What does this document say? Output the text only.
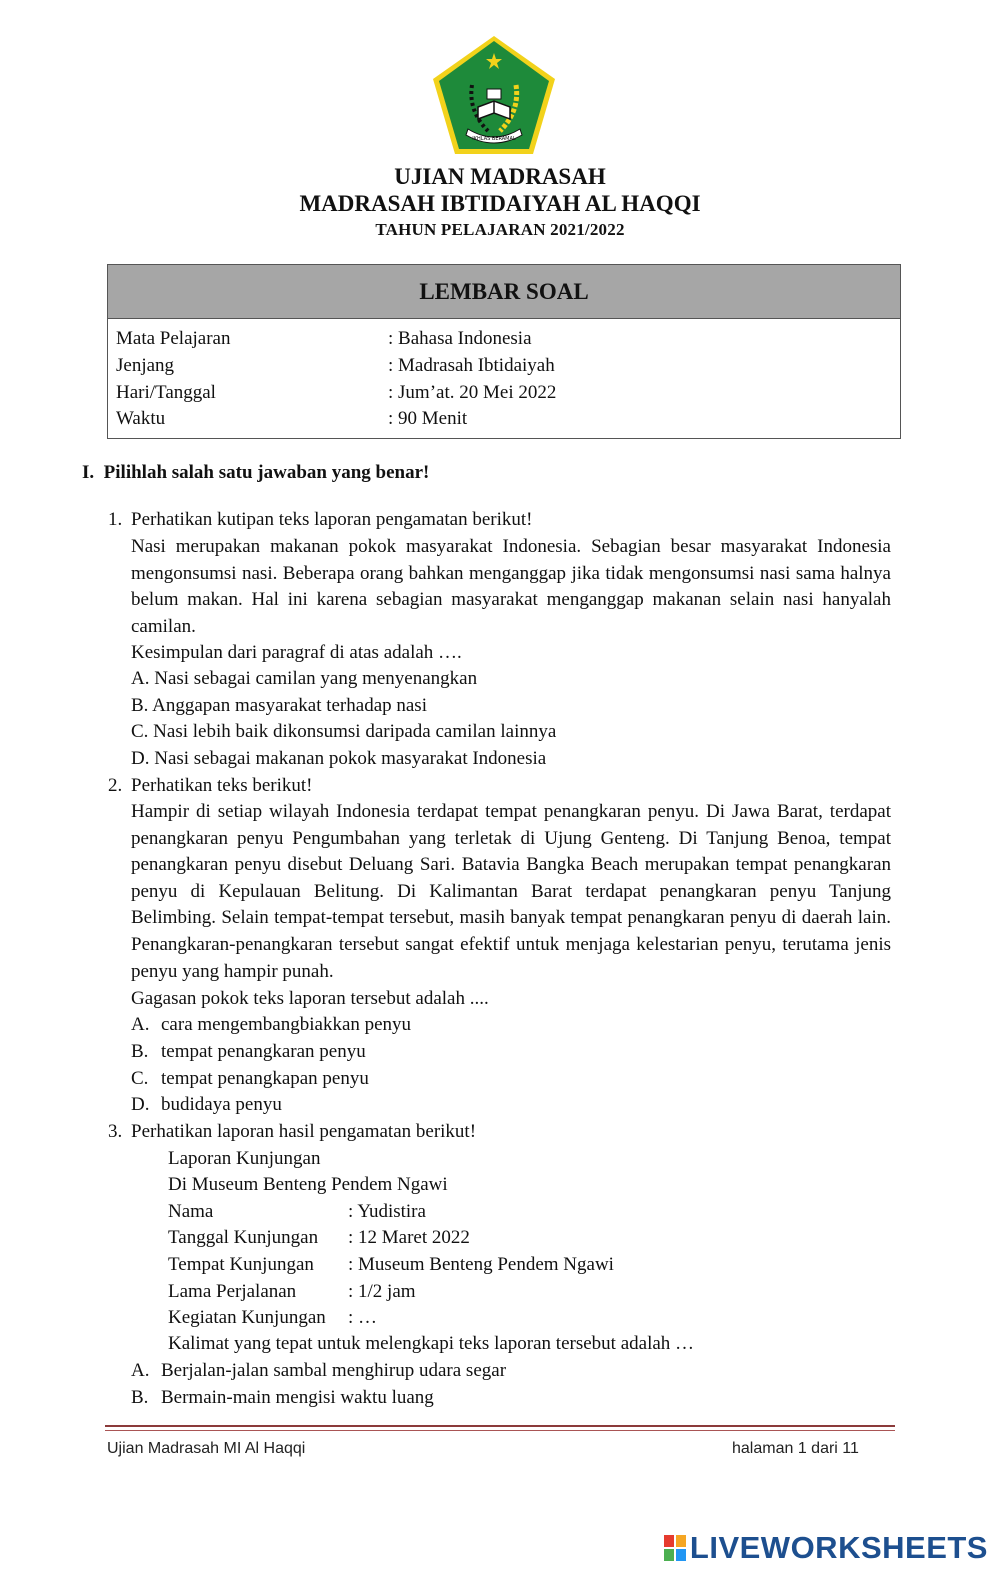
IKHLAS BERAMAL
UJIAN MADRASAH
MADRASAH IBTIDAIYAH AL HAQQI
TAHUN PELAJARAN 2021/2022
LEMBAR SOAL
Mata Pelajaran	: Bahasa Indonesia
Jenjang	: Madrasah Ibtidaiyah
Hari/Tanggal	: Jum’at. 20 Mei 2022
Waktu	: 90 Menit
I. Pilihlah salah satu jawaban yang benar!
1. Perhatikan kutipan teks laporan pengamatan berikut!
Nasi merupakan makanan pokok masyarakat Indonesia. Sebagian besar masyarakat Indonesia mengonsumsi nasi. Beberapa orang bahkan menganggap jika tidak mengonsumsi nasi sama halnya belum makan. Hal ini karena sebagian masyarakat menganggap makanan selain nasi hanyalah camilan.
Kesimpulan dari paragraf di atas adalah ….
A. Nasi sebagai camilan yang menyenangkan
B. Anggapan masyarakat terhadap nasi
C. Nasi lebih baik dikonsumsi daripada camilan lainnya
D. Nasi sebagai makanan pokok masyarakat Indonesia
2. Perhatikan teks berikut!
Hampir di setiap wilayah Indonesia terdapat tempat penangkaran penyu. Di Jawa Barat, terdapat penangkaran penyu Pengumbahan yang terletak di Ujung Genteng. Di Tanjung Benoa, tempat penangkaran penyu disebut Deluang Sari. Batavia Bangka Beach merupakan tempat penangkaran penyu di Kepulauan Belitung. Di Kalimantan Barat terdapat penangkaran penyu Tanjung Belimbing. Selain tempat-tempat tersebut, masih banyak tempat penangkaran penyu di daerah lain. Penangkaran-penangkaran tersebut sangat efektif untuk menjaga kelestarian penyu, terutama jenis penyu yang hampir punah.
Gagasan pokok teks laporan tersebut adalah ....
A. cara mengembangbiakkan penyu
B. tempat penangkaran penyu
C. tempat penangkapan penyu
D. budidaya penyu
3. Perhatikan laporan hasil pengamatan berikut!
Laporan Kunjungan
Di Museum Benteng Pendem Ngawi
Nama	: Yudistira
Tanggal Kunjungan : 12 Maret 2022
Tempat Kunjungan : Museum Benteng Pendem Ngawi
Lama Perjalanan	: 1/2 jam
Kegiatan Kunjungan : …
Kalimat yang tepat untuk melengkapi teks laporan tersebut adalah …
A. Berjalan-jalan sambal menghirup udara segar
B. Bermain-main mengisi waktu luang
Ujian Madrasah MI Al Haqqi	halaman 1 dari 11
LIVEWORKSHEETS
